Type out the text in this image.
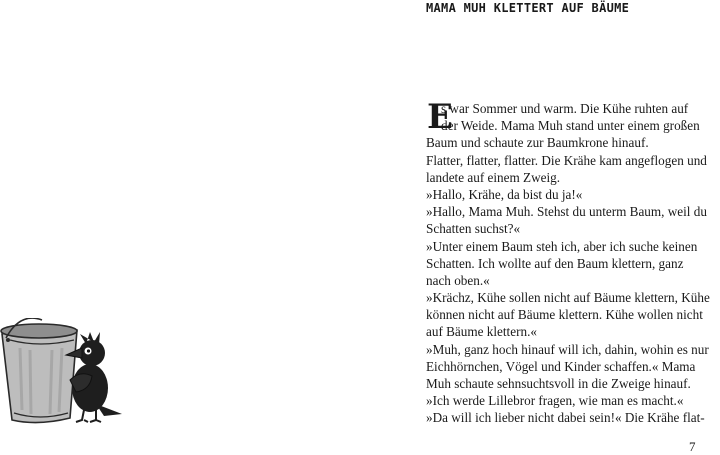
MAMA MUH KLETTERT AUF BÄUME
E
s war Sommer und warm. Die Kühe ruhten auf
der Weide. Mama Muh stand unter einem großen
Baum und schaute zur Baumkrone hinauf.
Flatter, flatter, flatter. Die Krähe kam angeflogen und
landete auf einem Zweig.
»Hallo, Krähe, da bist du ja!«
»Hallo, Mama Muh. Stehst du unterm Baum, weil du
Schatten suchst?«
»Unter einem Baum steh ich, aber ich suche keinen
Schatten. Ich wollte auf den Baum klettern, ganz
nach oben.«
»Krächz, Kühe sollen nicht auf Bäume klettern, Kühe
können nicht auf Bäume klettern. Kühe wollen nicht
auf Bäume klettern.«
»Muh, ganz hoch hinauf will ich, dahin, wohin es nur
Eichhörnchen, Vögel und Kinder schaffen.« Mama
Muh schaute sehnsuchtsvoll in die Zweige hinauf.
»Ich werde Lillebror fragen, wie man es macht.«
»Da will ich lieber nicht dabei sein!« Die Krähe flat-
7
